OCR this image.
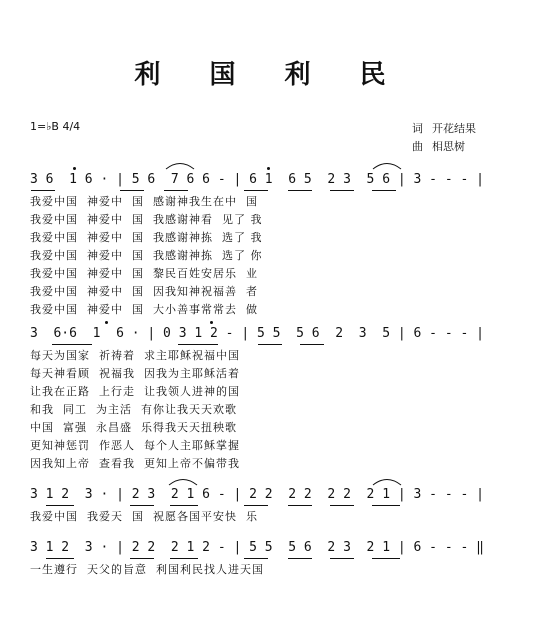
利 国 利 民
1=♭B 4/4	词 开花结果
曲 相思树
3 6  1 6 · | 5 6  7 6 6 - | 6 1  6 5  2 3  5 6 | 3 - - - |
我爱中国  神爱中  国  感谢神我生在中  国
我爱中国  神爱中  国  我感谢神看  见了 我
我爱中国  神爱中  国  我感谢神拣  选了 我
我爱中国  神爱中  国  我感谢神拣  选了 你
我爱中国  神爱中  国  黎民百姓安居乐  业
我爱中国  神爱中  国  因我知神祝福善  者
我爱中国  神爱中  国  大小善事常常去  做
3  6·6  1  6 · | 0 3 1 2 - | 5 5  5 6  2  3  5 | 6 - - - |
每天为国家  祈祷着  求主耶稣祝福中国
每天神看顾  祝福我  因我为主耶稣活着
让我在正路  上行走  让我领人进神的国
和我  同工  为主活  有你让我天天欢歌
中国  富强  永昌盛  乐得我天天扭秧歌
更知神惩罚  作恶人  每个人主耶稣掌握
因我知上帝  查看我  更知上帝不偏带我
3 1 2  3 · | 2 3  2 1 6 - | 2 2  2 2  2 2  2 1 | 3 - - - |
我爱中国  我爱天  国  祝愿各国平安快  乐
3 1 2  3 · | 2 2  2 1 2 - | 5 5  5 6  2 3  2 1 | 6 - - - ‖
一生遵行  天父的旨意  利国利民找人进天国
